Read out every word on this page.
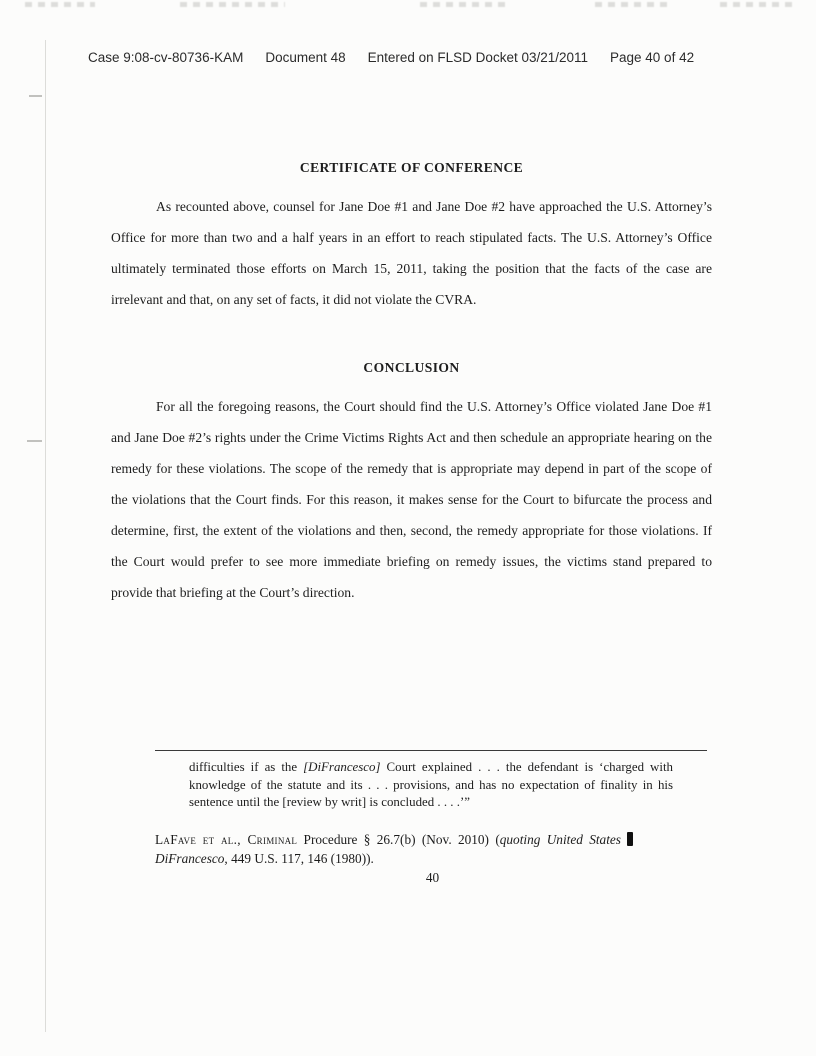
Case 9:08-cv-80736-KAM Document 48 Entered on FLSD Docket 03/21/2011 Page 40 of 42
CERTIFICATE OF CONFERENCE

As recounted above, counsel for Jane Doe #1 and Jane Doe #2 have approached the U.S. Attorney’s Office for more than two and a half years in an effort to reach stipulated facts. The U.S. Attorney’s Office ultimately terminated those efforts on March 15, 2011, taking the position that the facts of the case are irrelevant and that, on any set of facts, it did not violate the CVRA.

CONCLUSION

For all the foregoing reasons, the Court should find the U.S. Attorney’s Office violated Jane Doe #1 and Jane Doe #2’s rights under the Crime Victims Rights Act and then schedule an appropriate hearing on the remedy for these violations. The scope of the remedy that is appropriate may depend in part of the scope of the violations that the Court finds. For this reason, it makes sense for the Court to bifurcate the process and determine, first, the extent of the violations and then, second, the remedy appropriate for those violations. If the Court would prefer to see more immediate briefing on remedy issues, the victims stand prepared to provide that briefing at the Court’s direction.

difficulties if as the [DiFrancesco] Court explained . . . the defendant is ‘charged with knowledge of the statute and its . . . provisions, and has no expectation of finality in his sentence until the [review by writ] is concluded . . . .’”
LaFave et al., Criminal Procedure § 26.7(b) (Nov. 2010) (quoting United States
DiFrancesco, 449 U.S. 117, 146 (1980)).
40
